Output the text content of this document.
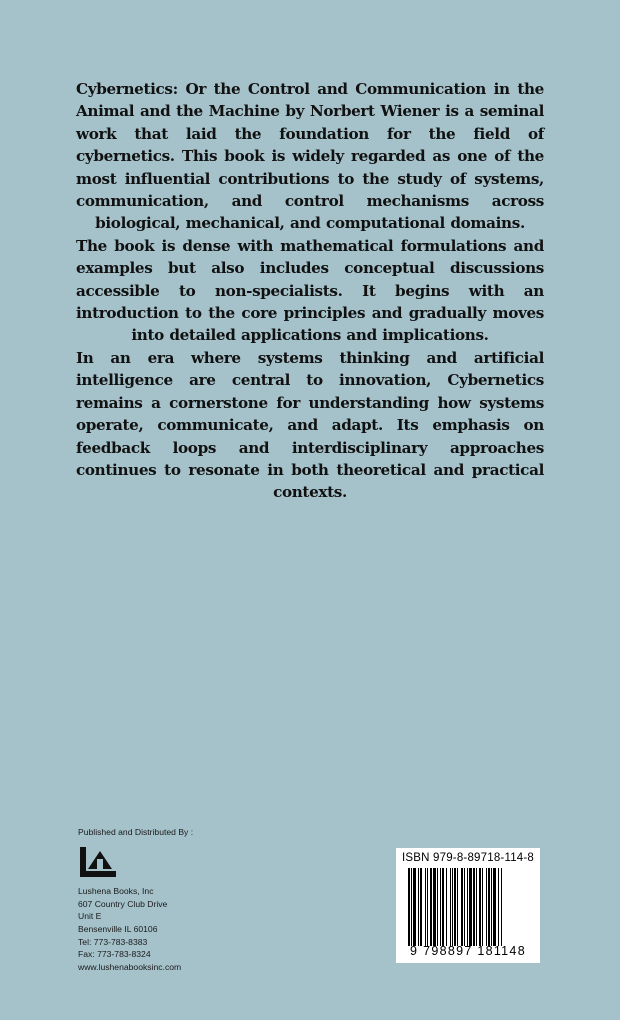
Cybernetics: Or the Control and Communication in the Animal and the Machine by Norbert Wiener is a seminal work that laid the foundation for the field of cybernetics. This book is widely regarded as one of the most influential contributions to the study of systems, communication, and control mechanisms across biological, mechanical, and computational domains.

The book is dense with mathematical formulations and examples but also includes conceptual discussions accessible to non-specialists. It begins with an introduction to the core principles and gradually moves into detailed applications and implications.

In an era where systems thinking and artificial intelligence are central to innovation, Cybernetics remains a cornerstone for understanding how systems operate, communicate, and adapt. Its emphasis on feedback loops and interdisciplinary approaches continues to resonate in both theoretical and practical contexts.

Published and Distributed By :
Lushena Books, Inc
607 Country Club Drive
Unit E
Bensenville IL 60106
Tel: 773-783-8383
Fax: 773-783-8324
www.lushenabooksinc.com
ISBN 979-8-89718-114-8
9 798897 181148
